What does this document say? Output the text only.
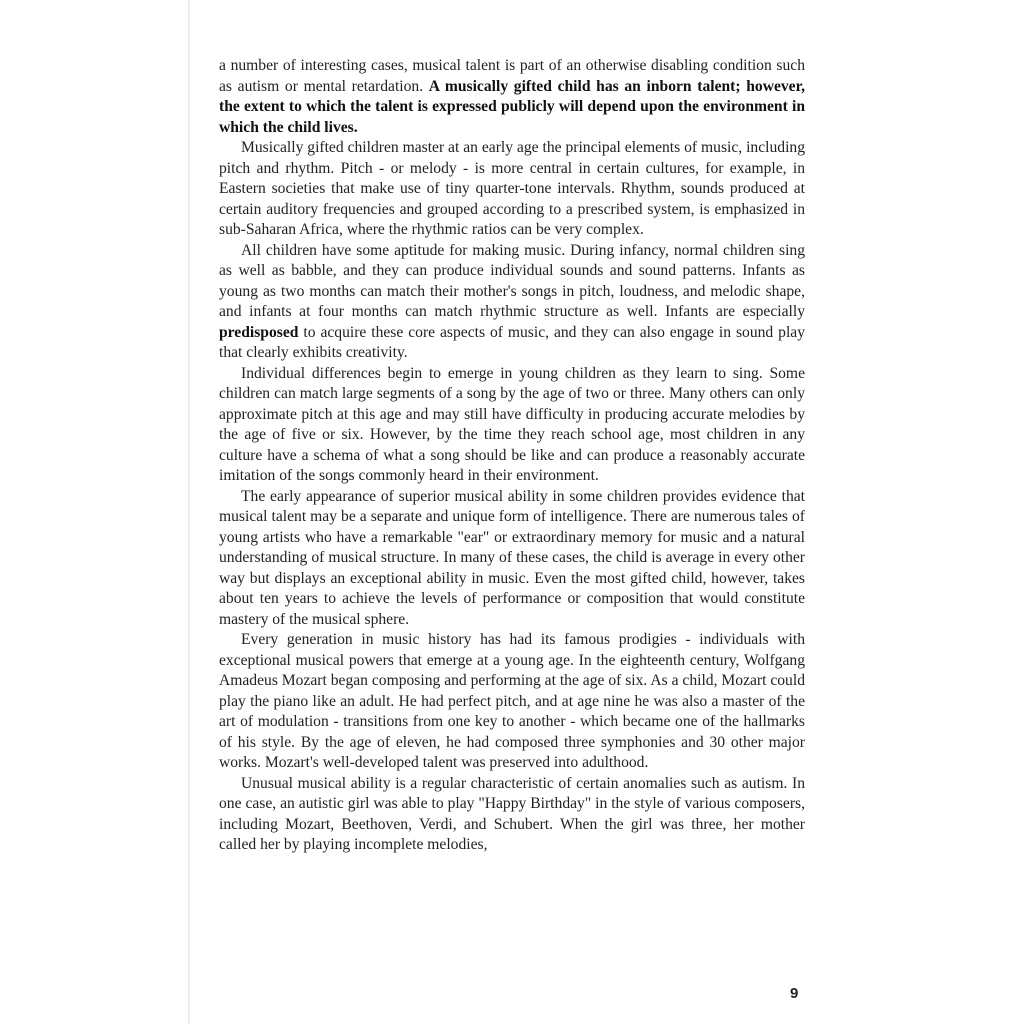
a number of interesting cases, musical talent is part of an otherwise disabling condition such as autism or mental retardation. A musically gifted child has an inborn talent; however, the extent to which the talent is expressed publicly will depend upon the environment in which the child lives.

Musically gifted children master at an early age the principal elements of music, including pitch and rhythm. Pitch - or melody - is more central in certain cultures, for example, in Eastern societies that make use of tiny quarter-tone intervals. Rhythm, sounds produced at certain auditory frequencies and grouped according to a prescribed system, is emphasized in sub-Saharan Africa, where the rhythmic ratios can be very complex.

All children have some aptitude for making music. During infancy, normal children sing as well as babble, and they can produce individual sounds and sound patterns. Infants as young as two months can match their mother's songs in pitch, loudness, and melodic shape, and infants at four months can match rhythmic structure as well. Infants are especially predisposed to acquire these core aspects of music, and they can also engage in sound play that clearly exhibits creativity.

Individual differences begin to emerge in young children as they learn to sing. Some children can match large segments of a song by the age of two or three. Many others can only approximate pitch at this age and may still have difficulty in producing accurate melodies by the age of five or six. However, by the time they reach school age, most children in any culture have a schema of what a song should be like and can produce a reasonably accurate imitation of the songs commonly heard in their environment.

The early appearance of superior musical ability in some children provides evidence that musical talent may be a separate and unique form of intelligence. There are numerous tales of young artists who have a remarkable "ear" or extraordinary memory for music and a natural understanding of musical structure. In many of these cases, the child is average in every other way but displays an exceptional ability in music. Even the most gifted child, however, takes about ten years to achieve the levels of performance or composition that would constitute mastery of the musical sphere.

Every generation in music history has had its famous prodigies - individuals with exceptional musical powers that emerge at a young age. In the eighteenth century, Wolfgang Amadeus Mozart began composing and performing at the age of six. As a child, Mozart could play the piano like an adult. He had perfect pitch, and at age nine he was also a master of the art of modulation - transitions from one key to another - which became one of the hallmarks of his style. By the age of eleven, he had composed three symphonies and 30 other major works. Mozart's well-developed talent was preserved into adulthood.

Unusual musical ability is a regular characteristic of certain anomalies such as autism. In one case, an autistic girl was able to play "Happy Birthday" in the style of various composers, including Mozart, Beethoven, Verdi, and Schubert. When the girl was three, her mother called her by playing incomplete melodies,

9
